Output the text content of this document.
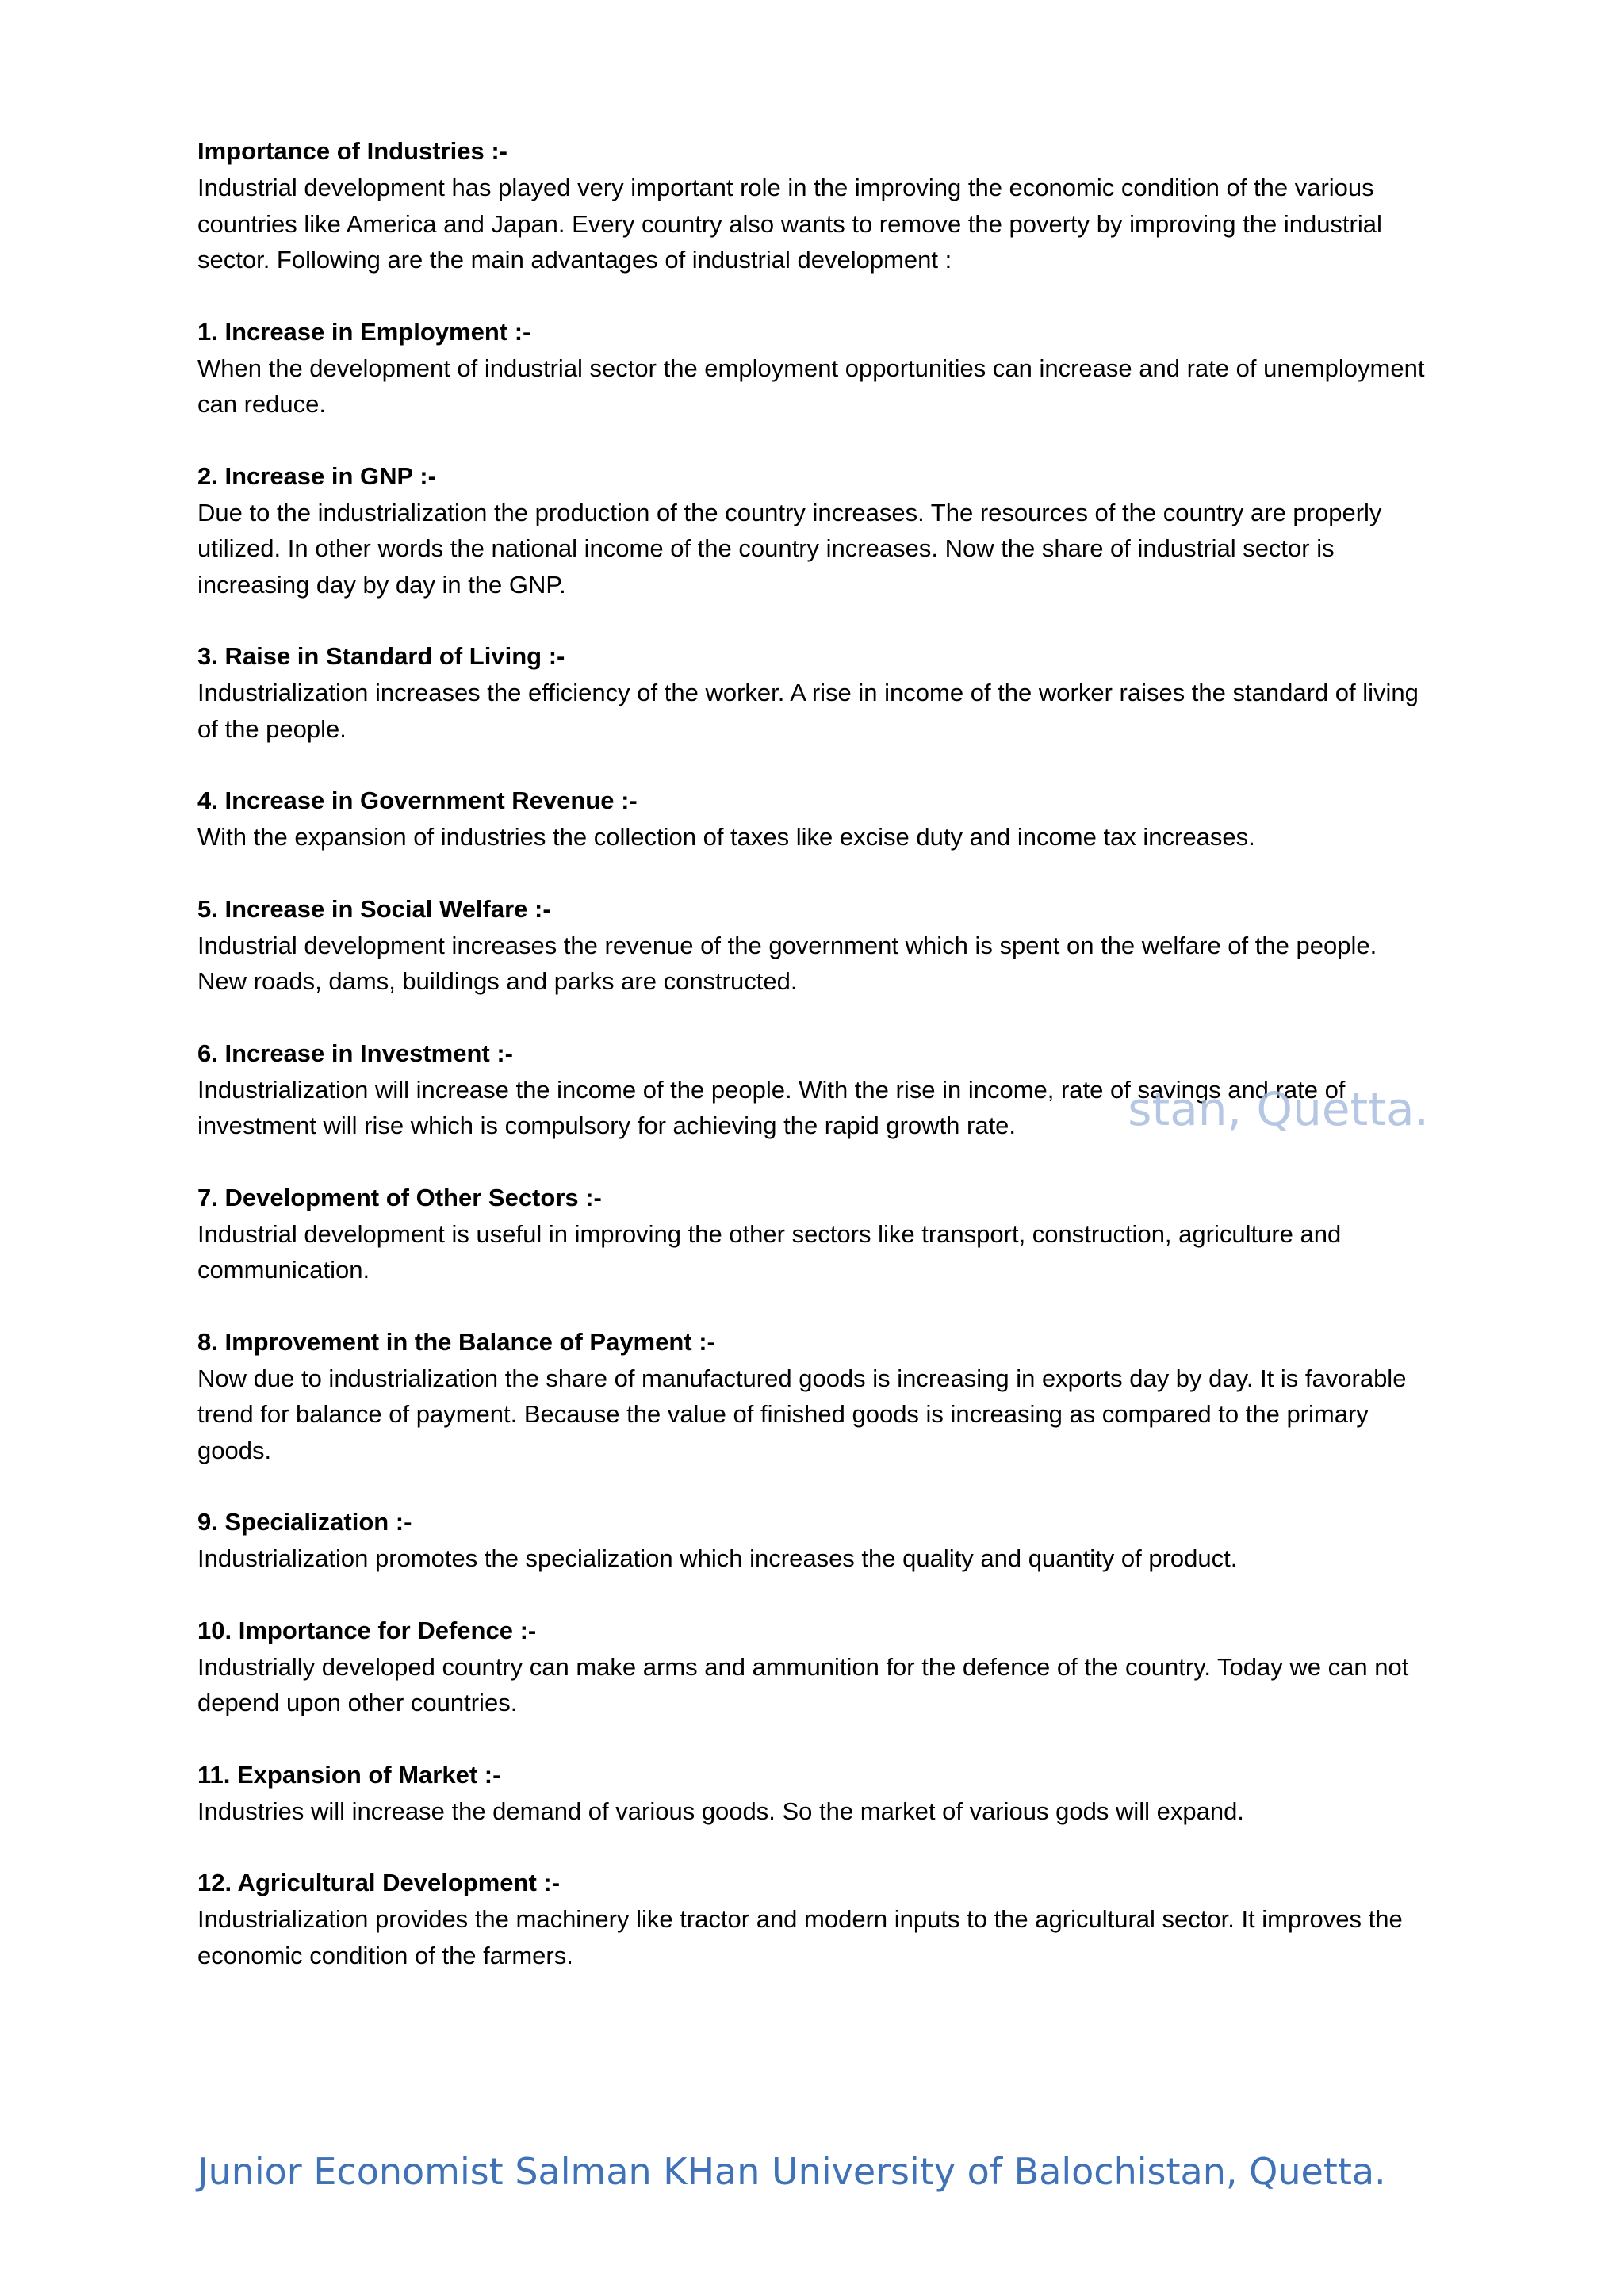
Importance of Industries :-

Industrial development has played very important role in the improving the economic condition of the various countries like America and Japan. Every country also wants to remove the poverty by improving the industrial sector. Following are the main advantages of industrial development :

1. Increase in Employment :-

When the development of industrial sector the employment opportunities can increase and rate of unemployment can reduce.

2. Increase in GNP :-

Due to the industrialization the production of the country increases. The resources of the country are properly utilized. In other words the national income of the country increases. Now the share of industrial sector is increasing day by day in the GNP.

3. Raise in Standard of Living :-

Industrialization increases the efficiency of the worker. A rise in income of the worker raises the standard of living of the people.

4. Increase in Government Revenue :-

With the expansion of industries the collection of taxes like excise duty and income tax increases.

5. Increase in Social Welfare :-

Industrial development increases the revenue of the government which is spent on the welfare of the people. New roads, dams, buildings and parks are constructed.

6. Increase in Investment :-

Industrialization will increase the income of the people. With the rise in income, rate of savings and rate of investment will rise which is compulsory for achieving the rapid growth rate.

7. Development of Other Sectors :-

Industrial development is useful in improving the other sectors like transport, construction, agriculture and communication.

8. Improvement in the Balance of Payment :-

Now due to industrialization the share of manufactured goods is increasing in exports day by day. It is favorable trend for balance of payment. Because the value of finished goods is increasing as compared to the primary goods.

9. Specialization :-

Industrialization promotes the specialization which increases the quality and quantity of product.

10. Importance for Defence :-

Industrially developed country can make arms and ammunition for the defence of the country. Today we can not depend upon other countries.

11. Expansion of Market :-

Industries will increase the demand of various goods. So the market of various gods will expand.

12. Agricultural Development :-

Industrialization provides the machinery like tractor and modern inputs to the agricultural sector. It improves the economic condition of the farmers.

stan, Quetta.
Junior Economist Salman KHan University of Balochistan, Quetta.
